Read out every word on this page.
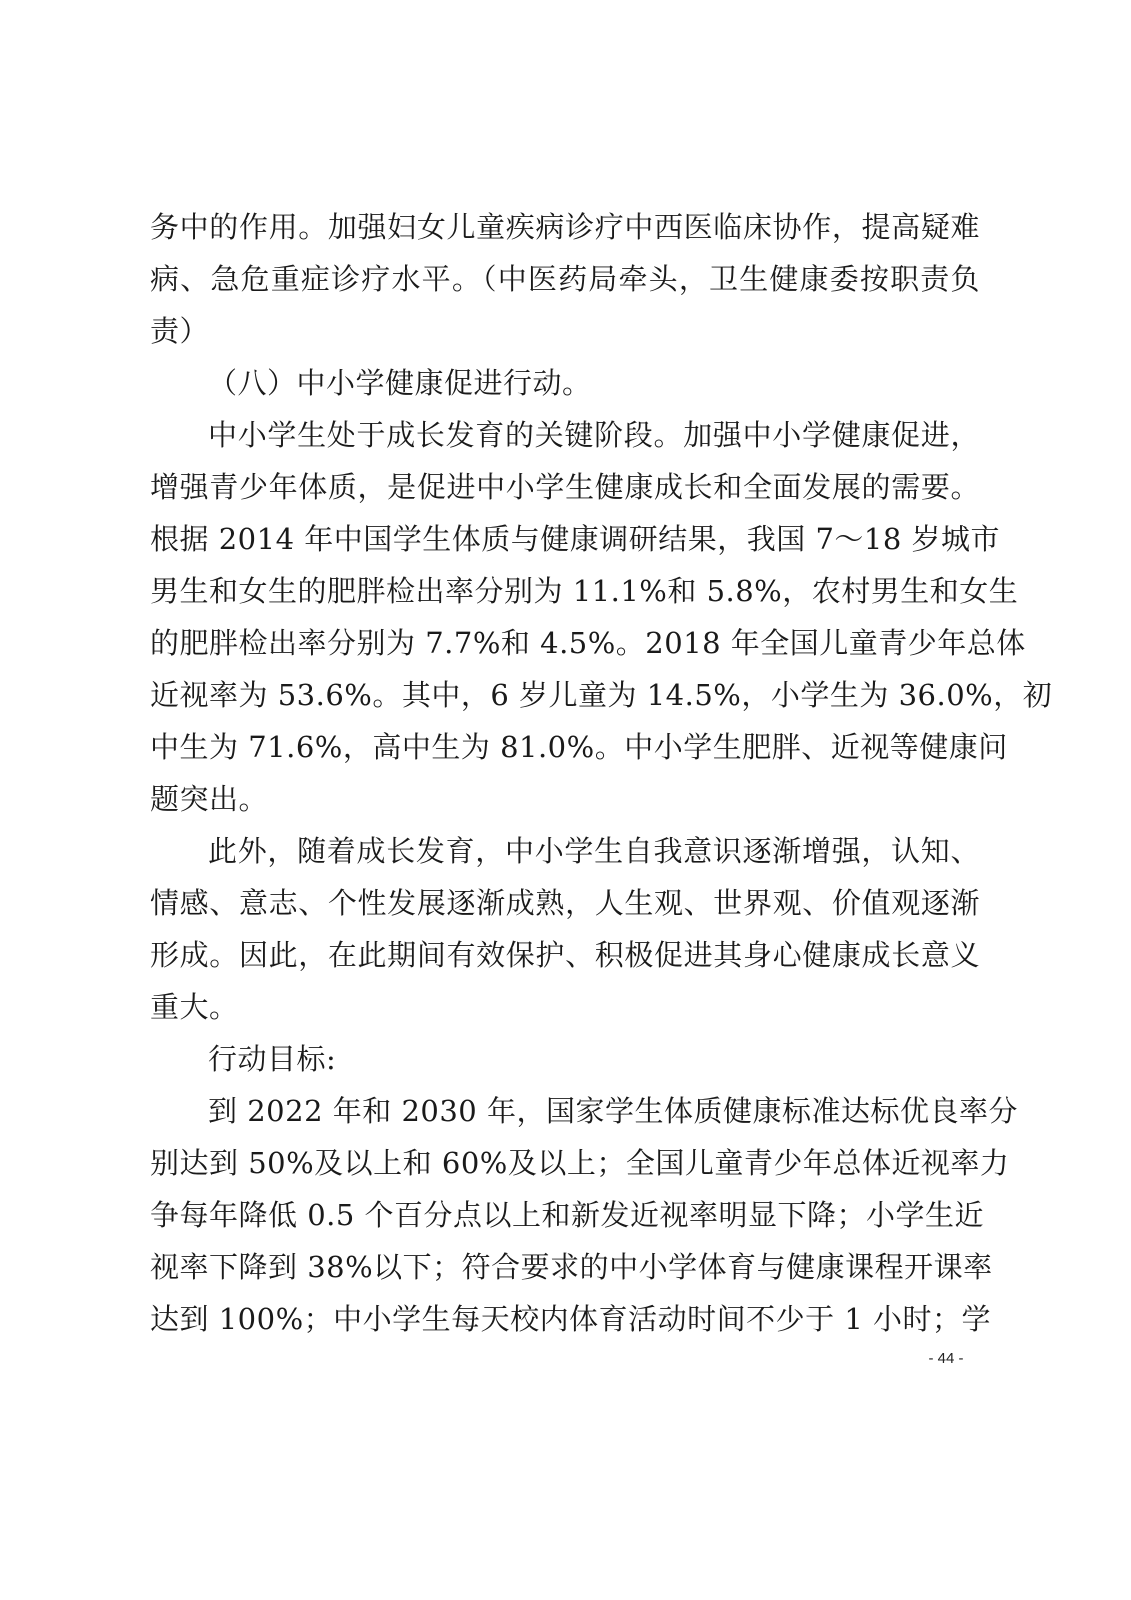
务中的作用。加强妇女儿童疾病诊疗中西医临床协作，提高疑难
病、急危重症诊疗水平。（中医药局牵头，卫生健康委按职责负
责）
（八）中小学健康促进行动。
中小学生处于成长发育的关键阶段。加强中小学健康促进，
增强青少年体质，是促进中小学生健康成长和全面发展的需要。
根据 2014 年中国学生体质与健康调研结果，我国 7～18 岁城市
男生和女生的肥胖检出率分别为 11.1%和 5.8%，农村男生和女生
的肥胖检出率分别为 7.7%和 4.5%。2018 年全国儿童青少年总体
近视率为 53.6%。其中，6 岁儿童为 14.5%，小学生为 36.0%，初
中生为 71.6%，高中生为 81.0%。中小学生肥胖、近视等健康问
题突出。
此外，随着成长发育，中小学生自我意识逐渐增强，认知、
情感、意志、个性发展逐渐成熟，人生观、世界观、价值观逐渐
形成。因此，在此期间有效保护、积极促进其身心健康成长意义
重大。
行动目标:
到 2022 年和 2030 年，国家学生体质健康标准达标优良率分
别达到 50%及以上和 60%及以上；全国儿童青少年总体近视率力
争每年降低 0.5 个百分点以上和新发近视率明显下降；小学生近
视率下降到 38%以下；符合要求的中小学体育与健康课程开课率
达到 100%；中小学生每天校内体育活动时间不少于 1 小时；学
- 44 -
